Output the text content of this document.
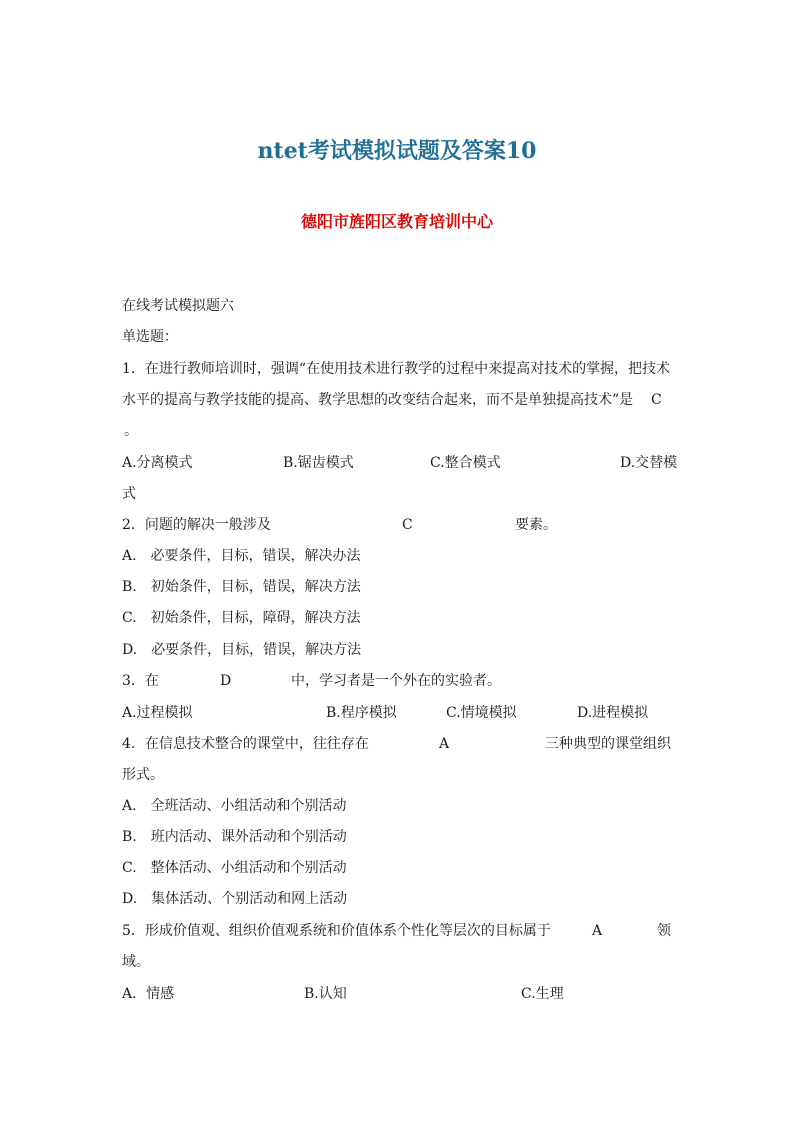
ntet考试模拟试题及答案10
德阳市旌阳区教育培训中心
在线考试模拟题六
单选题：
1．在进行教师培训时，强调“在使用技术进行教学的过程中来提高对技术的掌握，把技术
水平的提高与教学技能的提高、教学思想的改变结合起来，而不是单独提高技术”是 C
。
A.分离模式	B.锯齿模式	C.整合模式	D.交替模
式
2．问题的解决一般涉及	C	要素。
A.　必要条件，目标，错误，解决办法
B.　初始条件，目标，错误，解决方法
C.　初始条件，目标，障碍，解决方法
D.　必要条件，目标，错误，解决方法
3．在	D	中，学习者是一个外在的实验者。
A.过程模拟	B.程序模拟	C.情境模拟	D.进程模拟
4．在信息技术整合的课堂中，往往存在	A	三种典型的课堂组织
形式。
A.　全班活动、小组活动和个别活动
B.　班内活动、课外活动和个别活动
C.　整体活动、小组活动和个别活动
D.　集体活动、个别活动和网上活动
5．形成价值观、组织价值观系统和价值体系个性化等层次的目标属于	A	领
域。
A．情感	B.认知	C.生理
